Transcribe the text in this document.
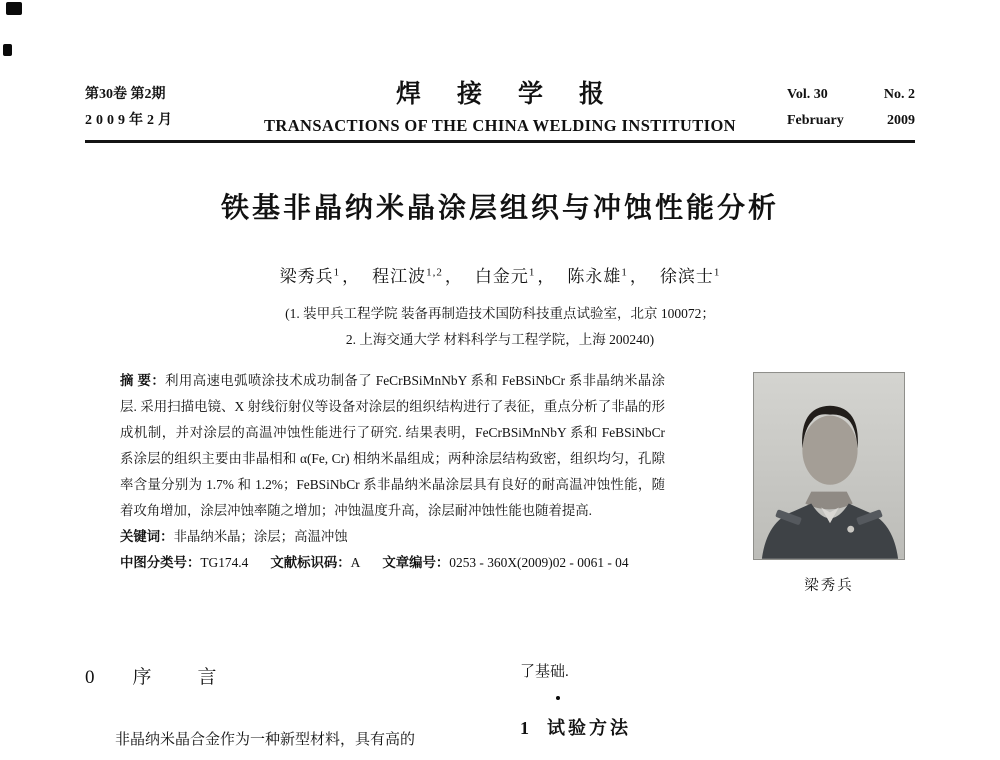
第30卷 第2期
2009年2月
焊接学报
TRANSACTIONS OF THE CHINA WELDING INSTITUTION
Vol. 30	No. 2
February	2009
铁基非晶纳米晶涂层组织与冲蚀性能分析
梁秀兵$^1$ ， 程江波$^{1,2}$ ， 白金元$^1$ ， 陈永雄$^1$ ， 徐滨士$^1$
(1. 装甲兵工程学院 装备再制造技术国防科技重点试验室，北京 100072；
2. 上海交通大学 材料科学与工程学院，上海 200240)
摘 要：利用高速电弧喷涂技术成功制备了 FeCrBSiMnNbY 系和 FeBSiNbCr 系非晶纳米晶涂层. 采用扫描电镜、X 射线衍射仪等设备对涂层的组织结构进行了表征，重点分析了非晶的形成机制，并对涂层的高温冲蚀性能进行了研究. 结果表明，FeCrBSiMnNbY 系和 FeBSiNbCr 系涂层的组织主要由非晶相和 α(Fe, Cr) 相纳米晶组成；两种涂层结构致密，组织均匀，孔隙率含量分别为 1.7% 和 1.2%；FeBSiNbCr 系非晶纳米晶涂层具有良好的耐高温冲蚀性能，随着攻角增加，涂层冲蚀率随之增加；冲蚀温度升高，涂层耐冲蚀性能也随着提高.
关键词：非晶纳米晶；涂层；高温冲蚀
中图分类号：TG174.4 文献标识码：A 文章编号：0253 - 360X(2009)02 - 0061 - 04
梁秀兵
0 序言
非晶纳米晶合金作为一种新型材料，具有高的
了基础.
1 试验方法
